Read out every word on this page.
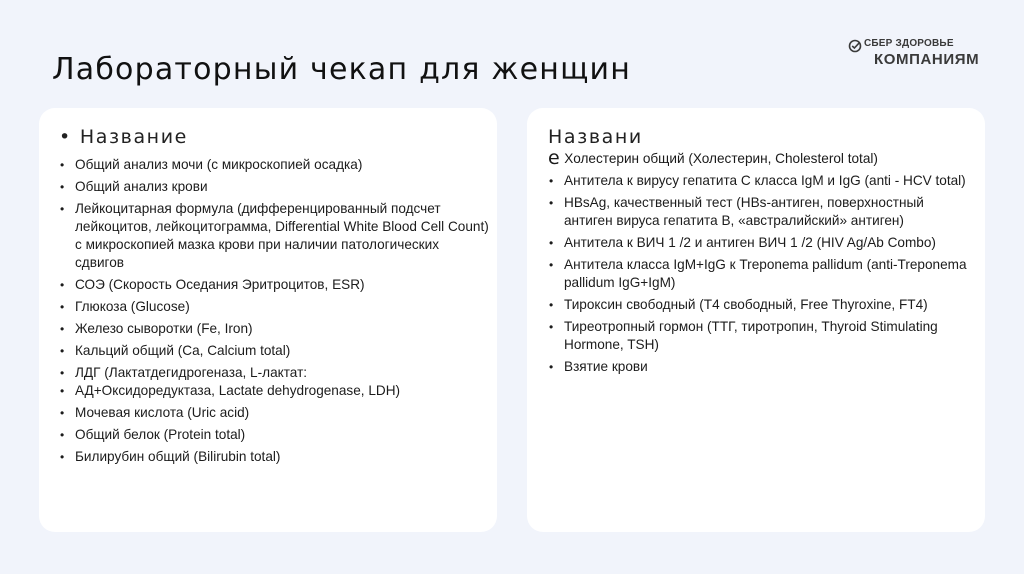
Лабораторный чекап для женщин
СБЕР ЗДОРОВЬЕ
КОМПАНИЯМ

• Название

• Общий анализ мочи (с микроскопией осадка)
• Общий анализ крови
• Лейкоцитарная формула (дифференцированный подсчет лейкоцитов, лейкоцитограмма, Differential White Blood Cell Count) с микроскопией мазка крови при наличии патологических сдвигов
• СОЭ (Скорость Оседания Эритроцитов, ESR)
• Глюкоза (Glucose)
• Железо сыворотки (Fe, Iron)
• Кальций общий (Ca, Calcium total)
• ЛДГ (Лактатдегидрогеназа, L-лактат:
• АД+Оксидоредуктаза, Lactate dehydrogenase, LDH)
• Мочевая кислота (Uric acid)
• Общий белок (Protein total)
• Билирубин общий (Bilirubin total)

Названи

е Холестерин общий (Холестерин, Cholesterol total)
• Антитела к вирусу гепатита С класса IgM и IgG (anti - HCV total)
• HBsAg, качественный тест (HBs-антиген, поверхностный антиген вируса гепатита B, «австралийский» антиген)
• Антитела к ВИЧ 1 /2 и антиген ВИЧ 1 /2 (HIV Ag/Ab Combo)
• Антитела класса IgM+IgG к Treponema pallidum (anti-Treponema pallidum IgG+IgM)
• Тироксин свободный (Т4 свободный, Free Thyroxine, FT4)
• Тиреотропный гормон (ТТГ, тиротропин, Thyroid Stimulating Hormone, TSH)
• Взятие крови
